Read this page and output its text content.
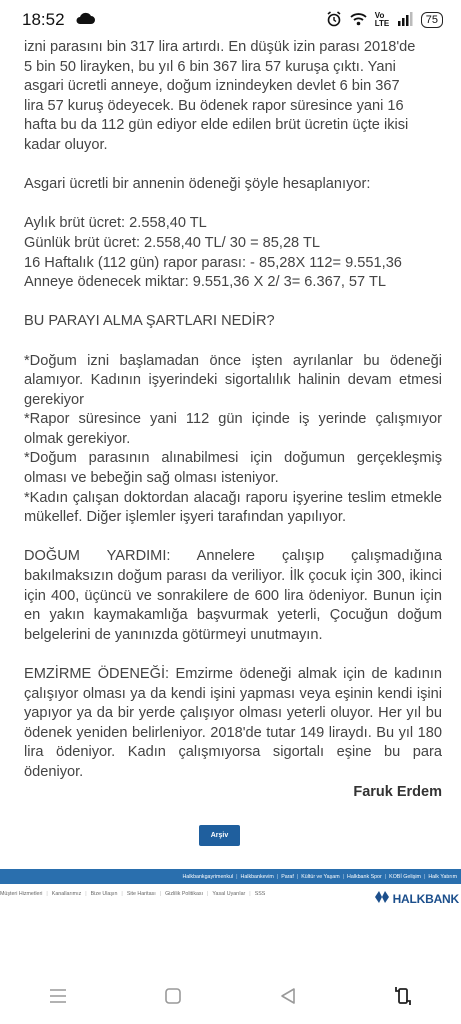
18:52	Vo LTE	75

izni parasını bin 317 lira artırdı. En düşük izin parası 2018'de

5 bin 50 lirayken, bu yıl 6 bin 367 lira 57 kuruşa çıktı. Yani

asgari ücretli anneye, doğum iznindeyken devlet 6 bin 367

lira 57 kuruş ödeyecek. Bu ödenek rapor süresince yani 16

hafta bu da 112 gün ediyor elde edilen brüt ücretin üçte ikisi

kadar oluyor.

Asgari ücretli bir annenin ödeneği şöyle hesaplanıyor:

Aylık brüt ücret: 2.558,40 TL

Günlük brüt ücret: 2.558,40 TL/ 30 = 85,28 TL

16 Haftalık (112 gün) rapor parası: - 85,28X 112= 9.551,36

Anneye ödenecek miktar: 9.551,36 X 2/ 3= 6.367, 57 TL

BU PARAYI ALMA ŞARTLARI NEDİR?

*Doğum izni başlamadan önce işten ayrılanlar bu ödeneği alamıyor. Kadının işyerindeki sigortalılık halinin devam etmesi gerekiyor

*Rapor süresince yani 112 gün içinde iş yerinde çalışmıyor olmak gerekiyor.

*Doğum parasının alınabilmesi için doğumun gerçekleşmiş olması ve bebeğin sağ olması isteniyor.

*Kadın çalışan doktordan alacağı raporu işyerine teslim etmekle mükellef. Diğer işlemler işyeri tarafından yapılıyor.

DOĞUM YARDIMI: Annelere çalışıp çalışmadığına bakılmaksızın doğum parası da veriliyor. İlk çocuk için 300, ikinci için 400, üçüncü ve sonrakilere de 600 lira ödeniyor. Bunun için en yakın kaymakamlığa başvurmak yeterli, Çocuğun doğum belgelerini de yanınızda götürmeyi unutmayın.

EMZİRME ÖDENEĞİ: Emzirme ödeneği almak için de kadının çalışıyor olması ya da kendi işini yapması veya eşinin kendi işini yapıyor ya da bir yerde çalışıyor olması yeterli oluyor. Her yıl bu ödenek yeniden belirleniyor. 2018'de tutar 149 liraydı. Bu yıl 180 lira ödeniyor. Kadın çalışmıyorsa sigortalı eşine bu para ödeniyor.

Faruk Erdem

Arşiv
Halkbankgayrimenkul | Halkbankevim | Paraf | Kültür ve Yaşam | Halkbank Spor | KOBİ Gelişim | Halk Yatırım
Müşteri Hizmetleri | Kanallarımız | Bize Ulaşın | Site Haritası | Gizlilik Politikası | Yasal Uyarılar | SSS	HALKBANK
